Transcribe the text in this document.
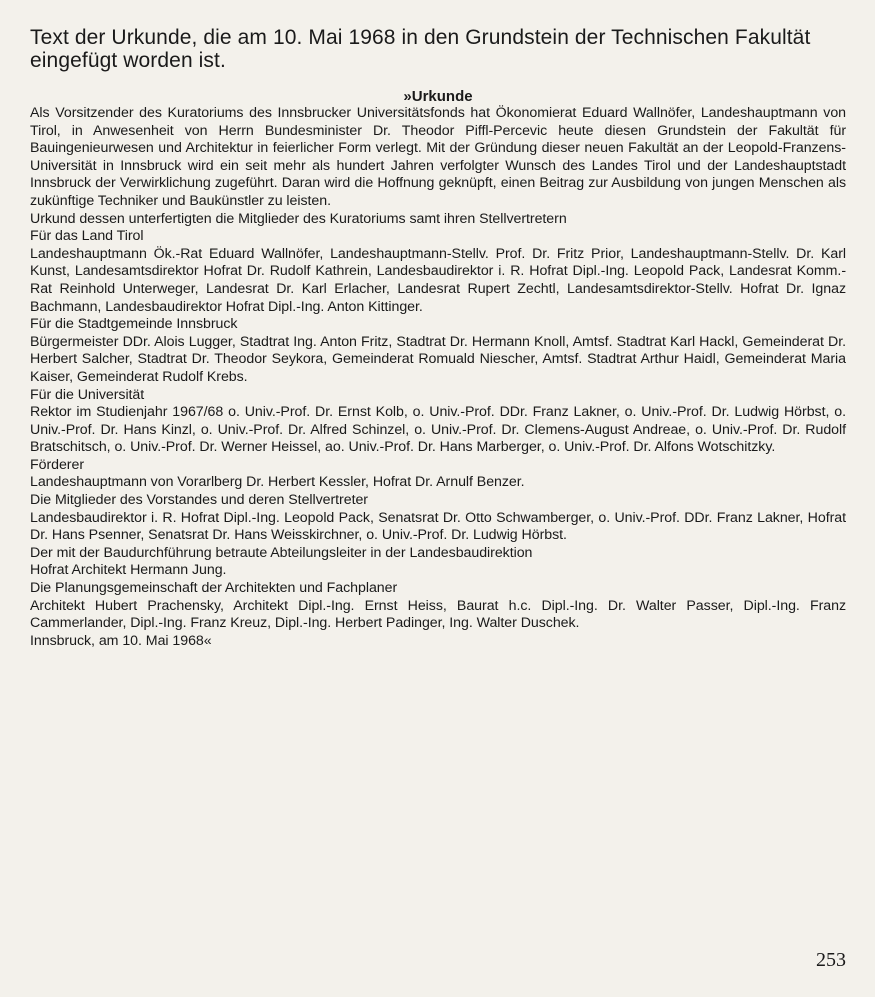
Text der Urkunde, die am 10. Mai 1968 in den Grundstein der Technischen Fakultät eingefügt worden ist.
»Urkunde

Als Vorsitzender des Kuratoriums des Innsbrucker Universitätsfonds hat Ökonomierat Eduard Wallnöfer, Landeshauptmann von Tirol, in Anwesenheit von Herrn Bundesminister Dr. Theodor Piffl-Percevic heute diesen Grundstein der Fakultät für Bauingenieurwesen und Architektur in feierlicher Form verlegt. Mit der Gründung dieser neuen Fakultät an der Leopold-Franzens-Universität in Innsbruck wird ein seit mehr als hundert Jahren verfolgter Wunsch des Landes Tirol und der Landeshauptstadt Innsbruck der Verwirklichung zugeführt. Daran wird die Hoffnung geknüpft, einen Beitrag zur Ausbildung von jungen Menschen als zukünftige Techniker und Baukünstler zu leisten.

Urkund dessen unterfertigten die Mitglieder des Kuratoriums samt ihren Stellvertretern

Für das Land Tirol

Landeshauptmann Ök.-Rat Eduard Wallnöfer, Landeshauptmann-Stellv. Prof. Dr. Fritz Prior, Landeshauptmann-Stellv. Dr. Karl Kunst, Landesamtsdirektor Hofrat Dr. Rudolf Kathrein, Landesbaudirektor i. R. Hofrat Dipl.-Ing. Leopold Pack, Landesrat Komm.-Rat Reinhold Unterweger, Landesrat Dr. Karl Erlacher, Landesrat Rupert Zechtl, Landesamtsdirektor-Stellv. Hofrat Dr. Ignaz Bachmann, Landesbaudirektor Hofrat Dipl.-Ing. Anton Kittinger.

Für die Stadtgemeinde Innsbruck

Bürgermeister DDr. Alois Lugger, Stadtrat Ing. Anton Fritz, Stadtrat Dr. Hermann Knoll, Amtsf. Stadtrat Karl Hackl, Gemeinderat Dr. Herbert Salcher, Stadtrat Dr. Theodor Seykora, Gemeinderat Romuald Niescher, Amtsf. Stadtrat Arthur Haidl, Gemeinderat Maria Kaiser, Gemeinderat Rudolf Krebs.

Für die Universität

Rektor im Studienjahr 1967/68 o. Univ.-Prof. Dr. Ernst Kolb, o. Univ.-Prof. DDr. Franz Lakner, o. Univ.-Prof. Dr. Ludwig Hörbst, o. Univ.-Prof. Dr. Hans Kinzl, o. Univ.-Prof. Dr. Alfred Schinzel, o. Univ.-Prof. Dr. Clemens-August Andreae, o. Univ.-Prof. Dr. Rudolf Bratschitsch, o. Univ.-Prof. Dr. Werner Heissel, ao. Univ.-Prof. Dr. Hans Marberger, o. Univ.-Prof. Dr. Alfons Wotschitzky.

Förderer

Landeshauptmann von Vorarlberg Dr. Herbert Kessler, Hofrat Dr. Arnulf Benzer.

Die Mitglieder des Vorstandes und deren Stellvertreter

Landesbaudirektor i. R. Hofrat Dipl.-Ing. Leopold Pack, Senatsrat Dr. Otto Schwamberger, o. Univ.-Prof. DDr. Franz Lakner, Hofrat Dr. Hans Psenner, Senatsrat Dr. Hans Weisskirchner, o. Univ.-Prof. Dr. Ludwig Hörbst.

Der mit der Baudurchführung betraute Abteilungsleiter in der Landesbaudirektion

Hofrat Architekt Hermann Jung.

Die Planungsgemeinschaft der Architekten und Fachplaner

Architekt Hubert Prachensky, Architekt Dipl.-Ing. Ernst Heiss, Baurat h.c. Dipl.-Ing. Dr. Walter Passer, Dipl.-Ing. Franz Cammerlander, Dipl.-Ing. Franz Kreuz, Dipl.-Ing. Herbert Padinger, Ing. Walter Duschek.

Innsbruck, am 10. Mai 1968«

253
